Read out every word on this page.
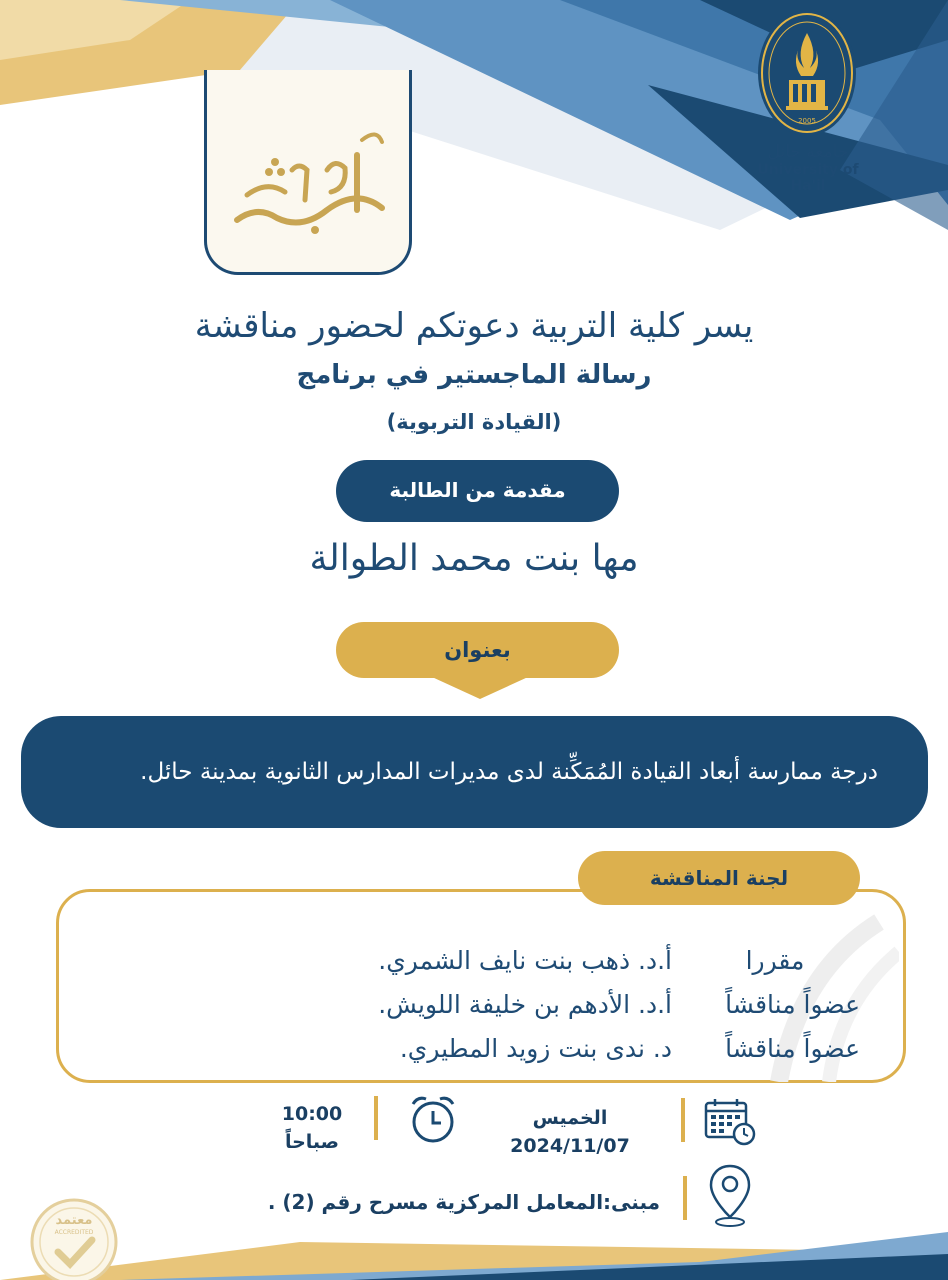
2005
جامعة حائل
University of Ha'il
يسر كلية التربية دعوتكم لحضور مناقشة
رسالة الماجستير في برنامج
(القيادة التربوية)
مقدمة من الطالبة
مها بنت محمد الطوالة
بعنوان
درجة ممارسة أبعاد القيادة المُمَكِّنة لدى مديرات المدارس الثانوية بمدينة حائل.
لجنة المناقشة
مقررا
أ.د. ذهب بنت نايف الشمري.
عضواً مناقشاً
أ.د. الأدهم بن خليفة اللويش.
عضواً مناقشاً
د. ندى بنت زويد المطيري.
الخميس
2024/11/07
10:00
صباحاً
مبنى:المعامل المركزية مسرح رقم (2) .
معتمد
ACCREDITED
